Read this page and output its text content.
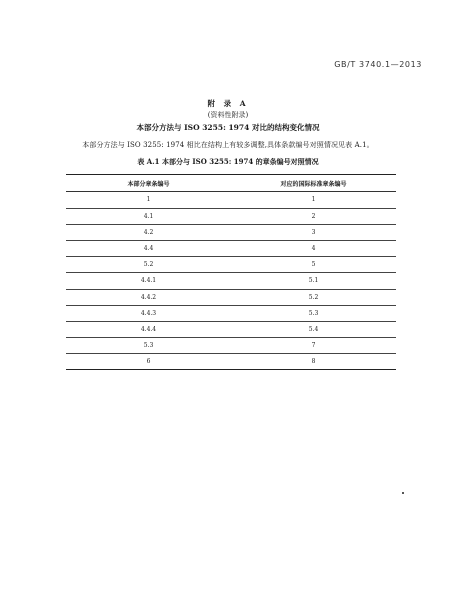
GB/T 3740.1—2013
附 录 A
(资料性附录)
本部分方法与 ISO 3255: 1974 对比的结构变化情况
本部分方法与 ISO 3255: 1974 相比在结构上有较多调整,具体条款编号对照情况见表 A.1。
表 A.1 本部分与 ISO 3255: 1974 的章条编号对照情况
本部分章条编号	对应的国际标准章条编号
1	1
4.1	2
4.2	3
4.4	4
5.2	5
4.4.1	5.1
4.4.2	5.2
4.4.3	5.3
4.4.4	5.4
5.3	7
6	8
